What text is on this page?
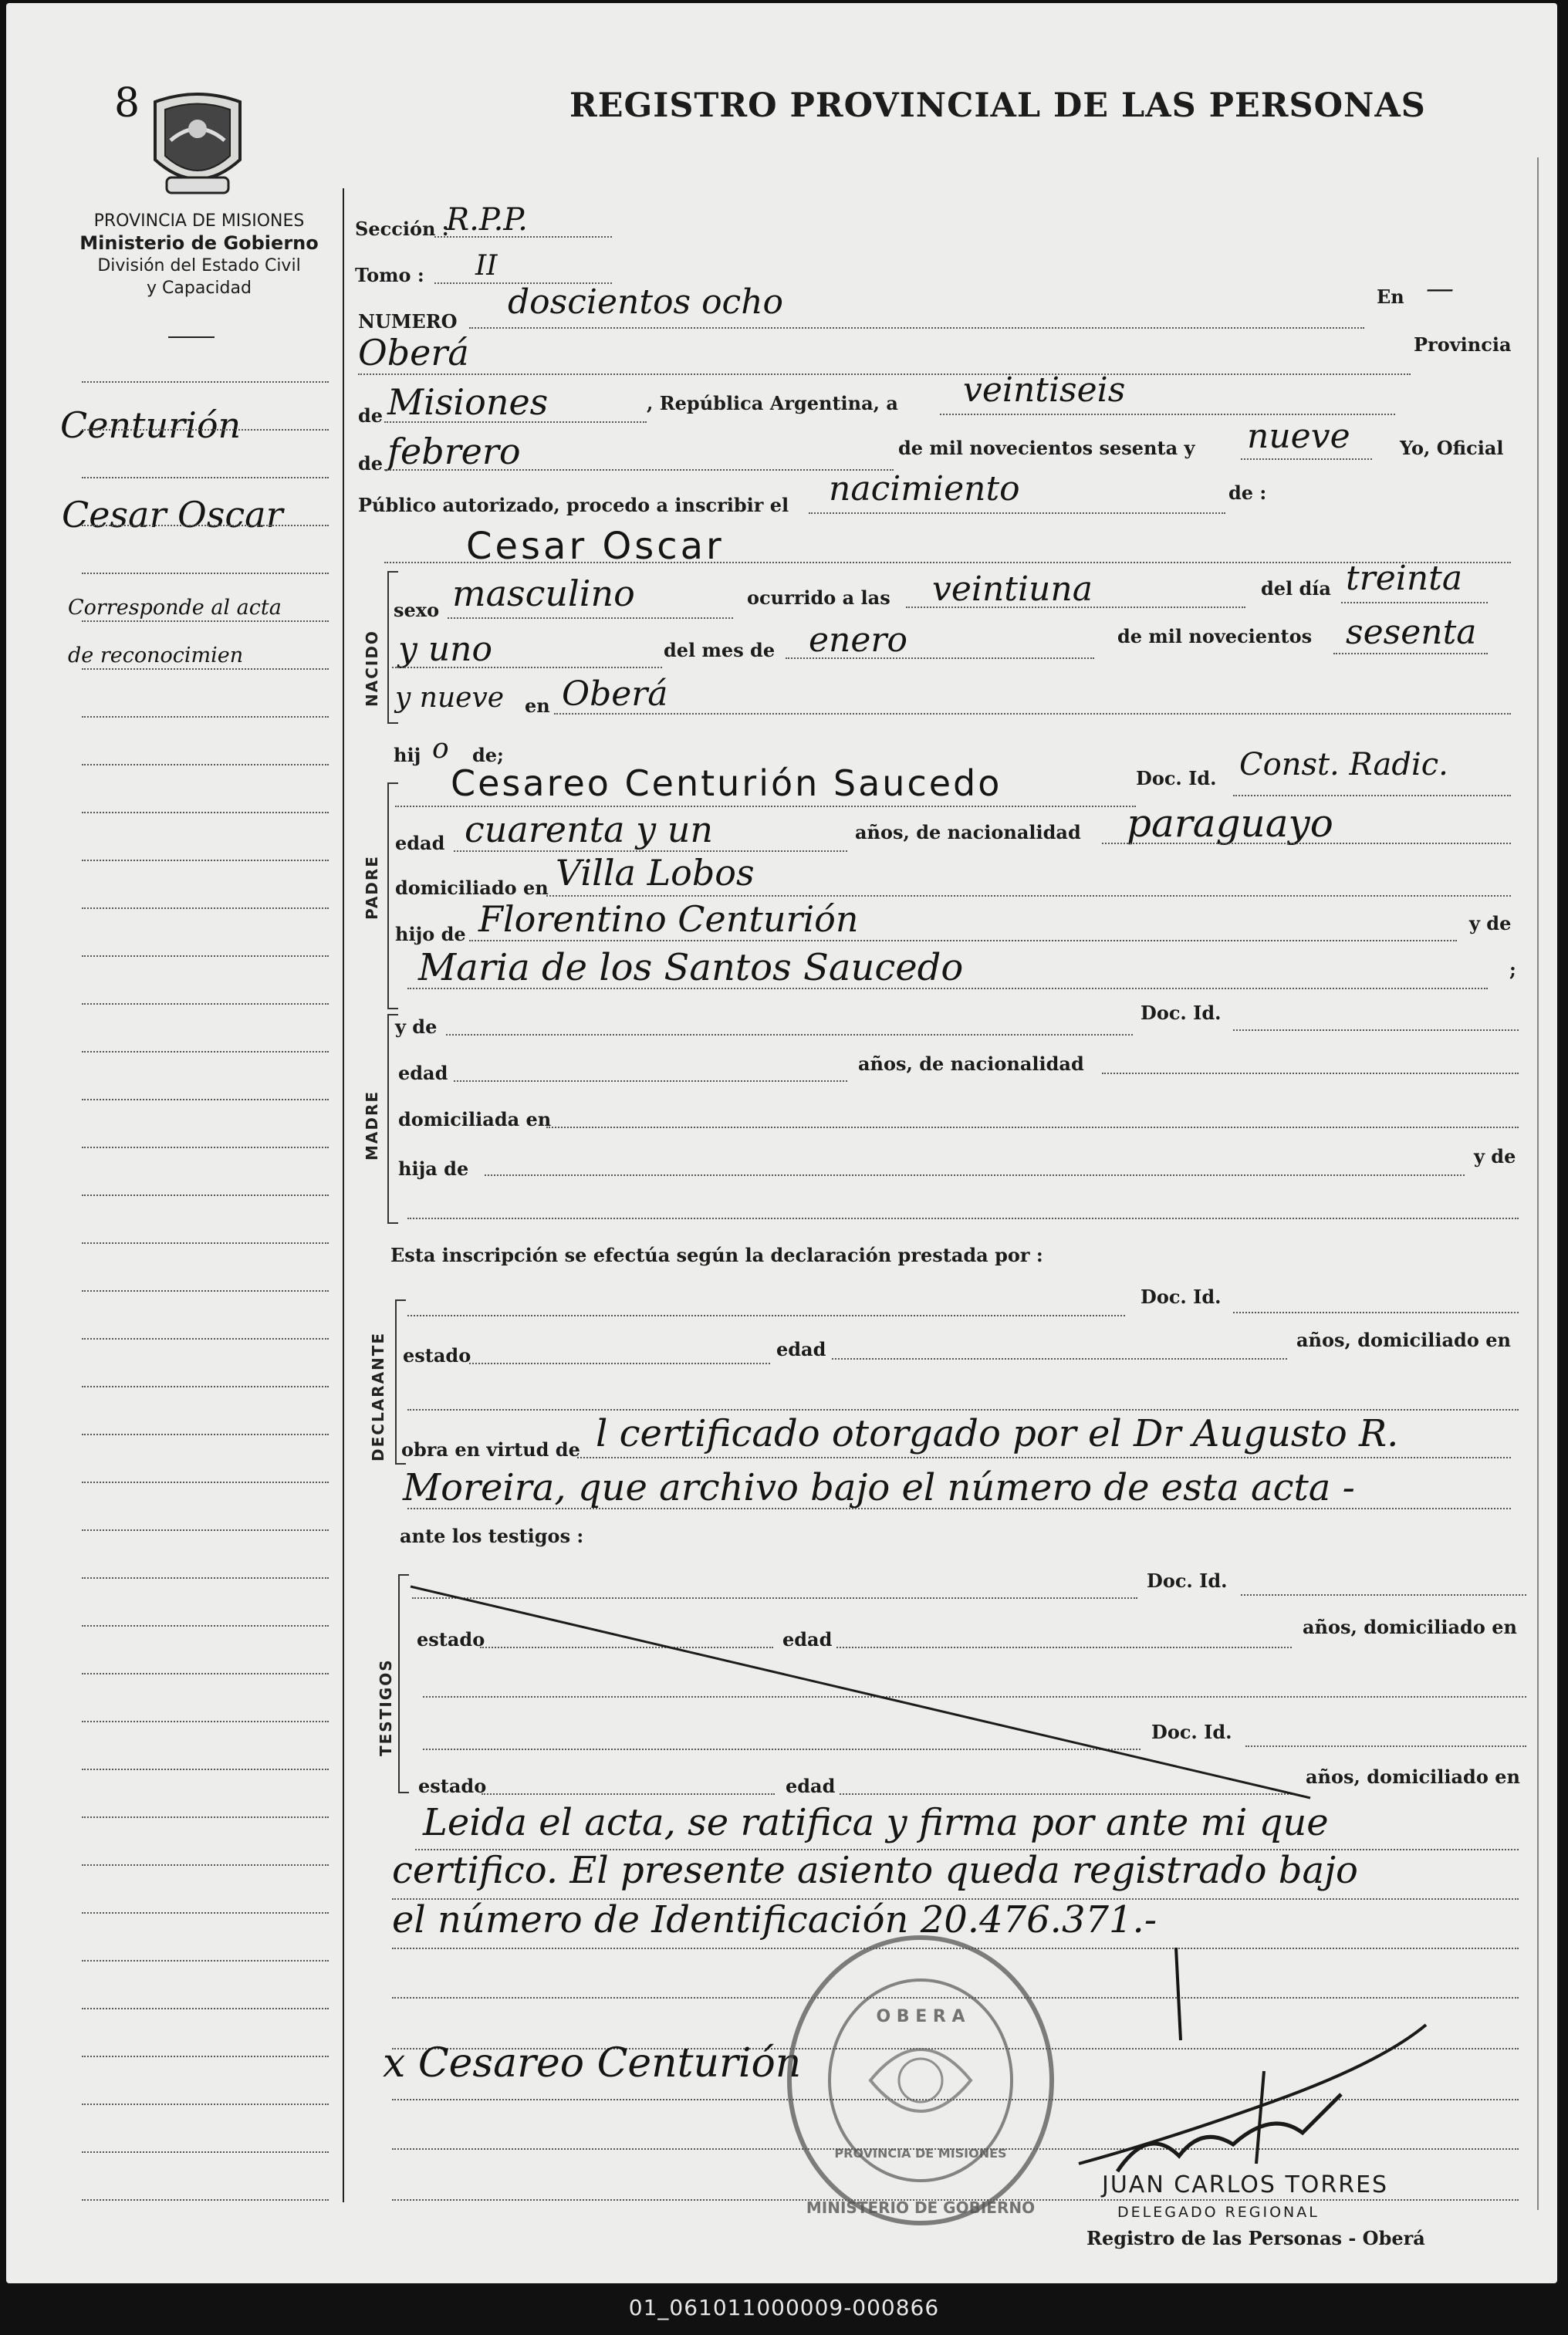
8	REGISTRO PROVINCIAL DE LAS PERSONAS
PROVINCIA DE MISIONES
Ministerio de Gobierno
División del Estado Civil
y Capacidad
Centurión
Cesar Oscar
Corresponde al acta
de reconocimien
Sección :
R.P.P.
Tomo : II
NUMERO doscientos ocho	En —
Oberá	Provincia
de Misiones	, República Argentina, a veintiseis
de febrero	de mil novecientos sesenta y nueve	Yo, Oficial
Público autorizado, procedo a inscribir el nacimiento	de :
Cesar Oscar
NACIDO
sexo masculino	ocurrido a las veintiuna	del día treinta
y uno	del mes de enero	de mil novecientos sesenta
y nueve en Oberá
hij o de;
PADRE
Cesareo Centurión Saucedo	Doc. Id. Const. Radic.
edad cuarenta y un	años, de nacionalidad paraguayo
domiciliado en Villa Lobos
hijo de Florentino Centurión	y de
Maria de los Santos Saucedo	;
MADRE
y de
Doc. Id.
edad	años, de nacionalidad
domiciliada en
hija de
y de
Esta inscripción se efectúa según la declaración prestada por :
DECLARANTE
Doc. Id.
estado	edad	años, domiciliado en
obra en virtud de l certificado otorgado por el Dr Augusto R.
Moreira, que archivo bajo el número de esta acta -
ante los testigos :
TESTIGOS
Doc. Id.
estado	edad
años, domiciliado en
Doc. Id.
estado	edad	años, domiciliado en
Leida el acta, se ratifica y firma por ante mi que
certifico. El presente asiento queda registrado bajo
el número de Identificación 20.476.371.-
x Cesareo Centurión
O B E R A
PROVINCIA DE MISIONES
MINISTERIO DE GOBIERNO
JUAN CARLOS TORRES
DELEGADO REGIONAL
Registro de las Personas - Oberá
01_061011000009-000866
